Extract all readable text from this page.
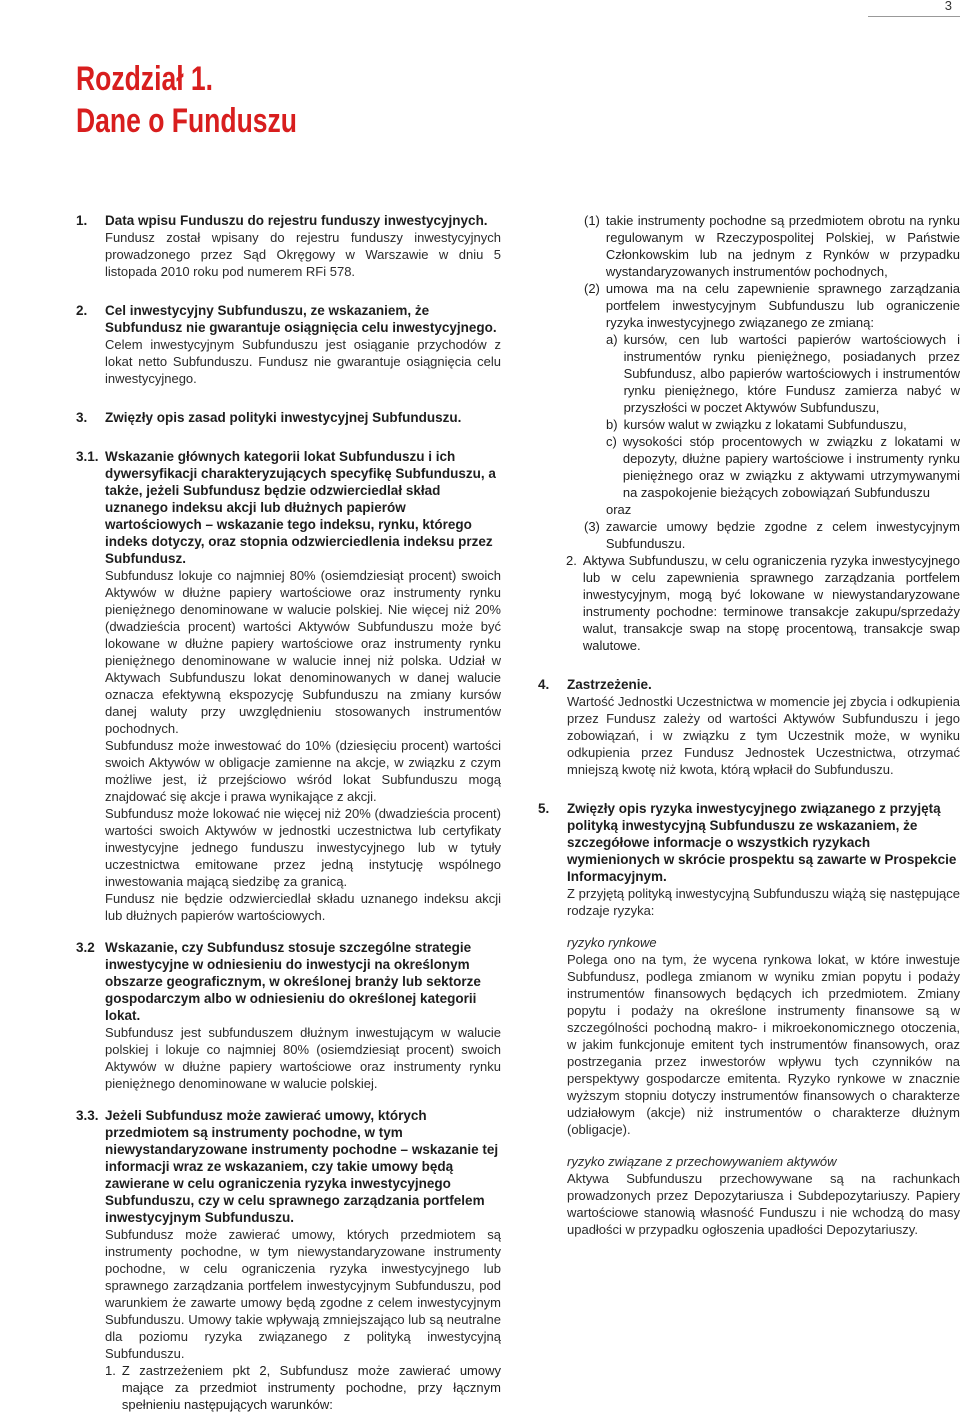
3
Rozdział 1.
Dane o Funduszu
1.	Data wpisu Funduszu do rejestru funduszy inwestycyjnych.
Fundusz został wpisany do rejestru funduszy inwestycyjnych prowadzonego przez Sąd Okręgowy w Warszawie w dniu 5 listopada 2010 roku pod numerem RFi 578.
2.	Cel inwestycyjny Subfunduszu, ze wskazaniem, że Subfundusz nie gwarantuje osiągnięcia celu inwestycyjnego.
Celem inwestycyjnym Subfunduszu jest osiąganie przychodów z lokat netto Subfunduszu. Fundusz nie gwarantuje osiągnięcia celu inwestycyjnego.
3.	Zwięzły opis zasad polityki inwestycyjnej Subfunduszu.
3.1. Wskazanie głównych kategorii lokat Subfunduszu i ich dywersyfikacji charakteryzujących specyfikę Subfunduszu, a także, jeżeli Subfundusz będzie odzwierciedlał skład uznanego indeksu akcji lub dłużnych papierów wartościowych – wskazanie tego indeksu, rynku, którego indeks dotyczy, oraz stopnia odzwierciedlenia indeksu przez Subfundusz.

Subfundusz lokuje co najmniej 80% (osiemdziesiąt procent) swoich Aktywów w dłużne papiery wartościowe oraz instrumenty rynku pieniężnego denominowane w walucie polskiej. Nie więcej niż 20% (dwadzieścia procent) wartości Aktywów Subfunduszu może być lokowane w dłużne papiery wartościowe oraz instrumenty rynku pieniężnego denominowane w walucie innej niż polska. Udział w Aktywach Subfunduszu lokat denominowanych w danej walucie oznacza efektywną ekspozycję Subfunduszu na zmiany kursów danej waluty przy uwzględnieniu stosowanych instrumentów pochodnych.

Subfundusz może inwestować do 10% (dziesięciu procent) wartości swoich Aktywów w obligacje zamienne na akcje, w związku z czym możliwe jest, iż przejściowo wśród lokat Subfunduszu mogą znajdować się akcje i prawa wynikające z akcji.

Subfundusz może lokować nie więcej niż 20% (dwadzieścia procent) wartości swoich Aktywów w jednostki uczestnictwa lub certyfikaty inwestycyjne jednego funduszu inwestycyjnego lub w tytuły uczestnictwa emitowane przez jedną instytucję wspólnego inwestowania mającą siedzibę za granicą.

Fundusz nie będzie odzwierciedlał składu uznanego indeksu akcji lub dłużnych papierów wartościowych.

3.2 Wskazanie, czy Subfundusz stosuje szczególne strategie inwestycyjne w odniesieniu do inwestycji na określonym obszarze geograficznym, w określonej branży lub sektorze gospodarczym albo w odniesieniu do określonej kategorii lokat.
Subfundusz jest subfunduszem dłużnym inwestującym w walucie polskiej i lokuje co najmniej 80% (osiemdziesiąt procent) swoich Aktywów w dłużne papiery wartościowe oraz instrumenty rynku pieniężnego denominowane w walucie polskiej.
3.3. Jeżeli Subfundusz może zawierać umowy, których przedmiotem są instrumenty pochodne, w tym niewystandaryzowane instrumenty pochodne – wskazanie tej informacji wraz ze wskazaniem, czy takie umowy będą zawierane w celu ograniczenia ryzyka inwestycyjnego Subfunduszu, czy w celu sprawnego zarządzania portfelem inwestycyjnym Subfunduszu.
Subfundusz może zawierać umowy, których przedmiotem są instrumenty pochodne, w tym niewystandaryzowane instrumenty pochodne, w celu ograniczenia ryzyka inwestycyjnego lub sprawnego zarządzania portfelem inwestycyjnym Subfunduszu, pod warunkiem że zawarte umowy będą zgodne z celem inwestycyjnym Subfunduszu. Umowy takie wpływają zmniejszająco lub są neutralne dla poziomu ryzyka związanego z polityką inwestycyjną Subfunduszu.
1. Z zastrzeżeniem pkt 2, Subfundusz może zawierać umowy mające za przedmiot instrumenty pochodne, przy łącznym spełnieniu następujących warunków:
(1) takie instrumenty pochodne są przedmiotem obrotu na rynku regulowanym w Rzeczypospolitej Polskiej, w Państwie Członkowskim lub na jednym z Rynków w przypadku wystandaryzowanych instrumentów pochodnych,
(2) umowa ma na celu zapewnienie sprawnego zarządzania portfelem inwestycyjnym Subfunduszu lub ograniczenie ryzyka inwestycyjnego związanego ze zmianą:
a) kursów, cen lub wartości papierów wartościowych i instrumentów rynku pieniężnego, posiadanych przez Subfundusz, albo papierów wartościowych i instrumentów rynku pieniężnego, które Fundusz zamierza nabyć w przyszłości w poczet Aktywów Subfunduszu,
b) kursów walut w związku z lokatami Subfunduszu,
c) wysokości stóp procentowych w związku z lokatami w depozyty, dłużne papiery wartościowe i instrumenty rynku pieniężnego oraz w związku z aktywami utrzymywanymi na zaspokojenie bieżących zobowiązań Subfunduszu
oraz
(3) zawarcie umowy będzie zgodne z celem inwestycyjnym Subfunduszu.
2. Aktywa Subfunduszu, w celu ograniczenia ryzyka inwestycyjnego lub w celu zapewnienia sprawnego zarządzania portfelem inwestycyjnym, mogą być lokowane w niewystandaryzowane instrumenty pochodne: terminowe transakcje zakupu/sprzedaży walut, transakcje swap na stopę procentową, transakcje swap walutowe.
4.	Zastrzeżenie.
Wartość Jednostki Uczestnictwa w momencie jej zbycia i odkupienia przez Fundusz zależy od wartości Aktywów Subfunduszu i jego zobowiązań, i w związku z tym Uczestnik może, w wyniku odkupienia przez Fundusz Jednostek Uczestnictwa, otrzymać mniejszą kwotę niż kwota, którą wpłacił do Subfunduszu.
5.	Zwięzły opis ryzyka inwestycyjnego związanego z przyjętą polityką inwestycyjną Subfunduszu ze wskazaniem, że szczegółowe informacje o wszystkich ryzykach wymienionych w skrócie prospektu są zawarte w Prospekcie Informacyjnym.
Z przyjętą polityką inwestycyjną Subfunduszu wiążą się następujące rodzaje ryzyka:
ryzyko rynkowe
Polega ono na tym, że wycena rynkowa lokat, w które inwestuje Subfundusz, podlega zmianom w wyniku zmian popytu i podaży instrumentów finansowych będących ich przedmiotem. Zmiany popytu i podaży na określone instrumenty finansowe są w szczególności pochodną makro- i mikroekonomicznego otoczenia, w jakim funkcjonuje emitent tych instrumentów finansowych, oraz postrzegania przez inwestorów wpływu tych czynników na perspektywy gospodarcze emitenta. Ryzyko rynkowe w znacznie wyższym stopniu dotyczy instrumentów finansowych o charakterze udziałowym (akcje) niż instrumentów o charakterze dłużnym (obligacje).
ryzyko związane z przechowywaniem aktywów
Aktywa Subfunduszu przechowywane są na rachunkach prowadzonych przez Depozytariusza i Subdepozytariuszy. Papiery wartościowe stanowią własność Funduszu i nie wchodzą do masy upadłości w przypadku ogłoszenia upadłości Depozytariuszy.
